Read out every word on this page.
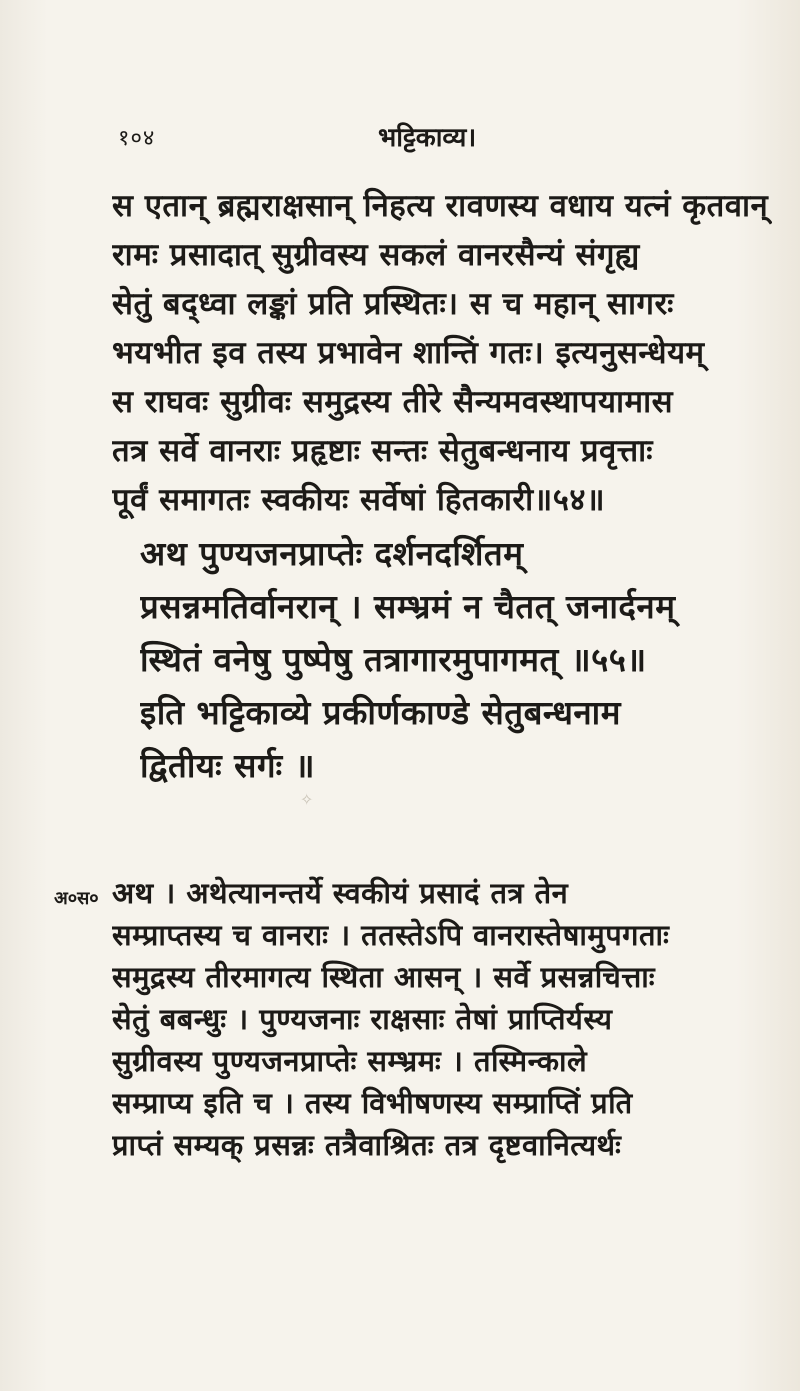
१०४	भट्टिकाव्य।
स एतान् ब्रह्मराक्षसान् निहत्य रावणस्य वधाय यत्नं कृतवान्
रामः प्रसादात् सुग्रीवस्य सकलं वानरसैन्यं संगृह्य
सेतुं बद्ध्वा लङ्कां प्रति प्रस्थितः। स च महान् सागरः
भयभीत इव तस्य प्रभावेन शान्तिं गतः। इत्यनुसन्धेयम्
स राघवः सुग्रीवः समुद्रस्य तीरे सैन्यमवस्थापयामास
तत्र सर्वे वानराः प्रहृष्टाः सन्तः सेतुबन्धनाय प्रवृत्ताः
पूर्वं समागतः स्वकीयः सर्वेषां हितकारी॥५४॥
अथ पुण्यजनप्राप्तेः दर्शनदर्शितम्
प्रसन्नमतिर्वानरान् । सम्भ्रमं न चैतत् जनार्दनम्
स्थितं वनेषु पुष्पेषु तत्रागारमुपागमत् ॥५५॥
इति भट्टिकाव्ये प्रकीर्णकाण्डे सेतुबन्धनाम
द्वितीयः सर्गः ॥
✧
अ०स० अथ । अथेत्यानन्तर्ये स्वकीयं प्रसादं तत्र तेन
सम्प्राप्तस्य च वानराः । ततस्तेऽपि वानरास्तेषामुपगताः
समुद्रस्य तीरमागत्य स्थिता आसन् । सर्वे प्रसन्नचित्ताः
सेतुं बबन्धुः । पुण्यजनाः राक्षसाः तेषां प्राप्तिर्यस्य
सुग्रीवस्य पुण्यजनप्राप्तेः सम्भ्रमः । तस्मिन्काले
सम्प्राप्य इति च । तस्य विभीषणस्य सम्प्राप्तिं प्रति
प्राप्तं सम्यक् प्रसन्नः तत्रैवाश्रितः तत्र दृष्टवानित्यर्थः
